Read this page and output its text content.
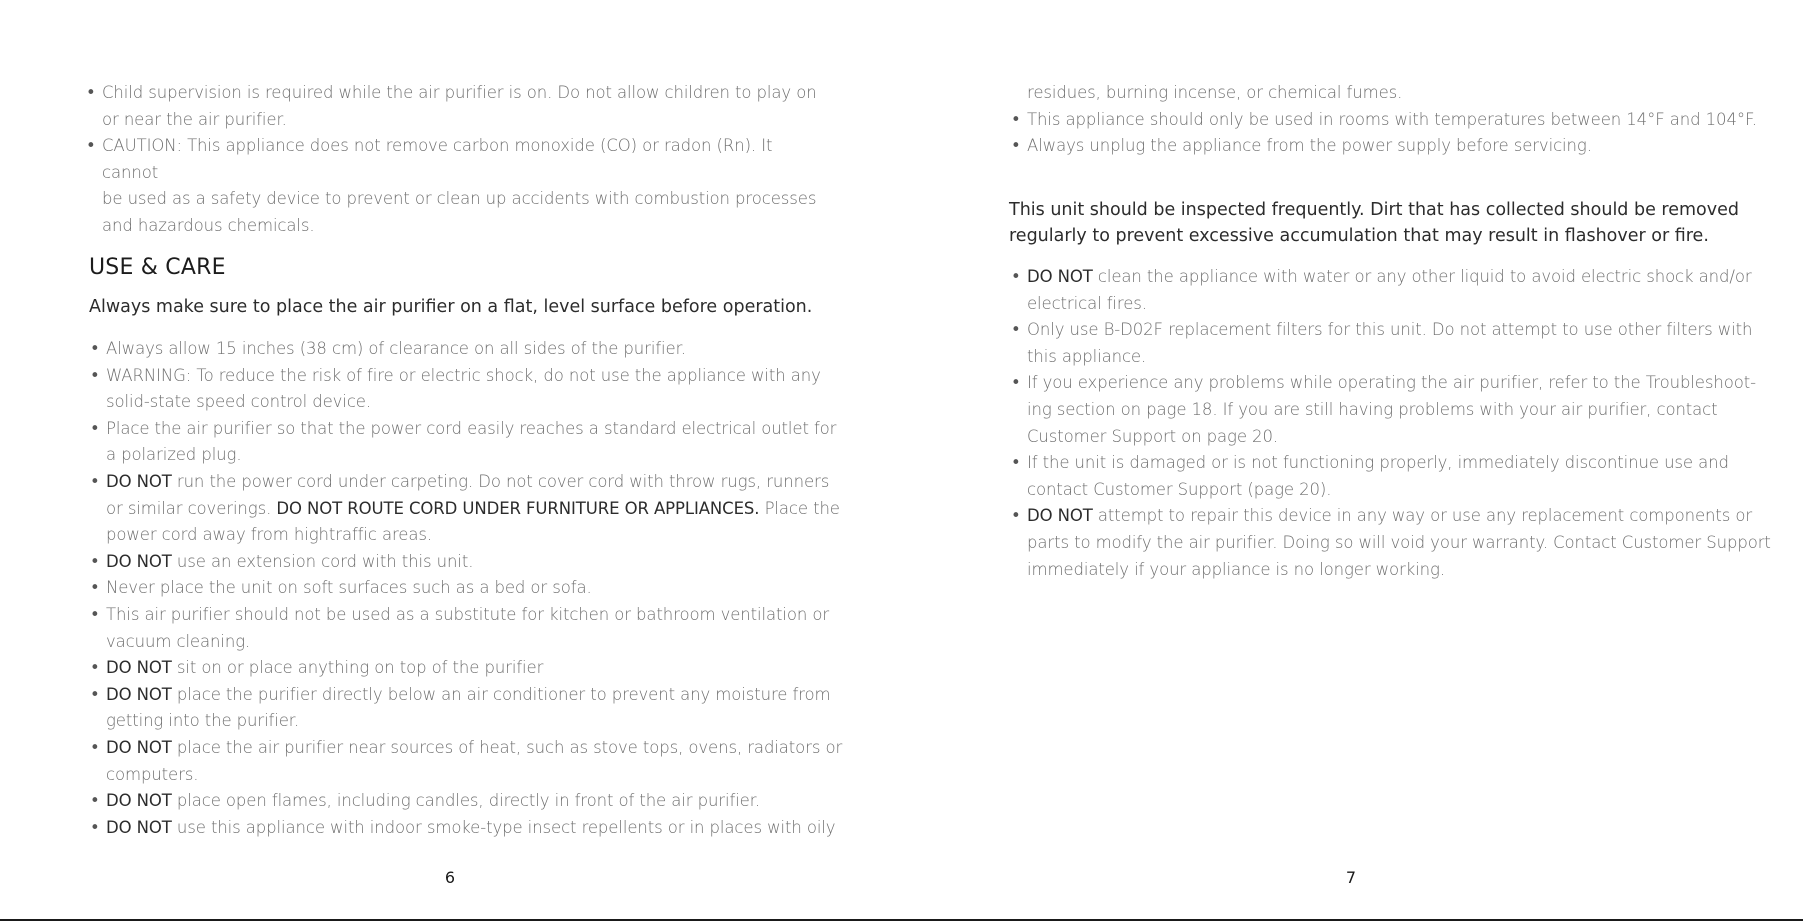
• Child supervision is required while the air purifier is on. Do not allow children to play on
or near the air purifier.
• CAUTION: This appliance does not remove carbon monoxide (CO) or radon (Rn). It cannot
be used as a safety device to prevent or clean up accidents with combustion processes
and hazardous chemicals.
USE & CARE
Always make sure to place the air purifier on a flat, level surface before operation.
• Always allow 15 inches (38 cm) of clearance on all sides of the purifier.
• WARNING: To reduce the risk of fire or electric shock, do not use the appliance with any
solid-state speed control device.
• Place the air purifier so that the power cord easily reaches a standard electrical outlet for
a polarized plug.
• DO NOT run the power cord under carpeting. Do not cover cord with throw rugs, runners
or similar coverings. DO NOT ROUTE CORD UNDER FURNITURE OR APPLIANCES. Place the
power cord away from hightraffic areas.
• DO NOT use an extension cord with this unit.
• Never place the unit on soft surfaces such as a bed or sofa.
• This air purifier should not be used as a substitute for kitchen or bathroom ventilation or
vacuum cleaning.
• DO NOT sit on or place anything on top of the purifier
• DO NOT place the purifier directly below an air conditioner to prevent any moisture from
getting into the purifier.
• DO NOT place the air purifier near sources of heat, such as stove tops, ovens, radiators or
computers.
• DO NOT place open flames, including candles, directly in front of the air purifier.
• DO NOT use this appliance with indoor smoke-type insect repellents or in places with oily
6
residues, burning incense, or chemical fumes.
• This appliance should only be used in rooms with temperatures between 14°F and 104°F.
• Always unplug the appliance from the power supply before servicing.
This unit should be inspected frequently. Dirt that has collected should be removed
regularly to prevent excessive accumulation that may result in flashover or fire.
• DO NOT clean the appliance with water or any other liquid to avoid electric shock and/or
electrical fires.
• Only use B-D02F replacement filters for this unit. Do not attempt to use other filters with
this appliance.
• If you experience any problems while operating the air purifier, refer to the Troubleshoot-
ing section on page 18. If you are still having problems with your air purifier, contact
Customer Support on page 20.
• If the unit is damaged or is not functioning properly, immediately discontinue use and
contact Customer Support (page 20).
• DO NOT attempt to repair this device in any way or use any replacement components or
parts to modify the air purifier. Doing so will void your warranty. Contact Customer Support
immediately if your appliance is no longer working.
7
